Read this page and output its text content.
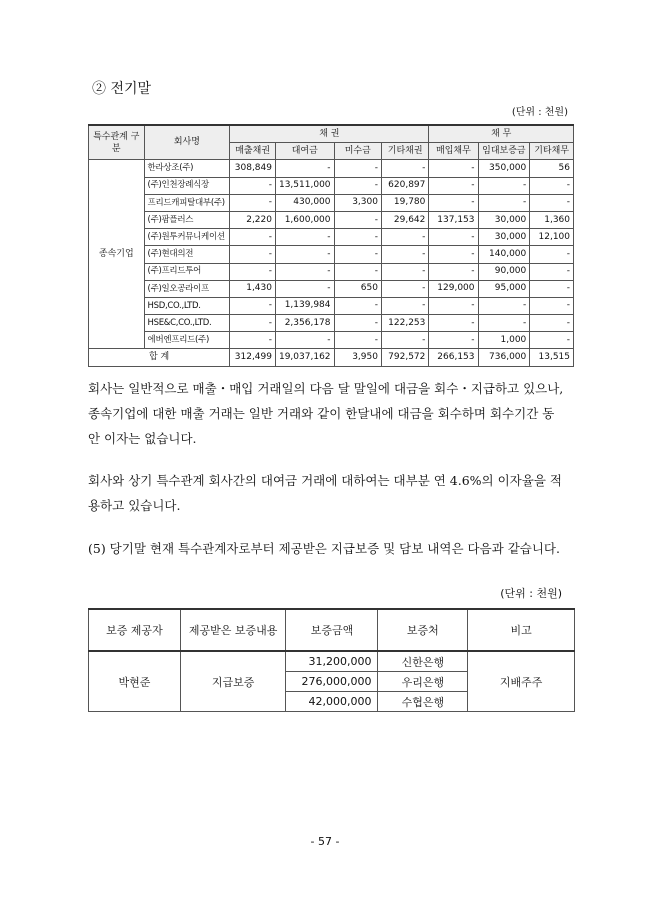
② 전기말
(단위 : 천원)
특수관계 구분	회사명	채 권				채 무		
		매출채권	대여금	미수금	기타채권	매입채무	임대보증금	기타채무
종속기업	한라상조(주)	308,849	-	-	-	-	350,000	56
	(주)인천장례식장	-	13,511,000	-	620,897	-	-	-
	프리드캐피탈대부(주)	-	430,000	3,300	19,780	-	-	-
	(주)팜플러스	2,220	1,600,000	-	29,642	137,153	30,000	1,360
	(주)원투커뮤니케이션	-	-	-	-	-	30,000	12,100
	(주)현대의전	-	-	-	-	-	140,000	-
	(주)프리드투어	-	-	-	-	-	90,000	-
	(주)일오공라이프	1,430	-	650	-	129,000	95,000	-
	HSD,CO.,LTD.	-	1,139,984	-	-	-	-	-
	HSE&C,CO.,LTD.	-	2,356,178	-	122,253	-	-	-
	에버엔프리드(주)	-	-	-	-	-	1,000	-
합 계		312,499	19,037,162	3,950	792,572	266,153	736,000	13,515
회사는 일반적으로 매출・매입 거래일의 다음 달 말일에 대금을 회수・지급하고 있으나, 종속기업에 대한 매출 거래는 일반 거래와 같이 한달내에 대금을 회수하며 회수기간 동안 이자는 없습니다.
회사와 상기 특수관계 회사간의 대여금 거래에 대하여는 대부분 연 4.6%의 이자율을 적용하고 있습니다.
(5) 당기말 현재 특수관계자로부터 제공받은 지급보증 및 담보 내역은 다음과 같습니다.
(단위 : 천원)
보증 제공자	제공받은 보증내용	보증금액	보증처	비고
박현준	지급보증	31,200,000	신한은행	지배주주
		276,000,000	우리은행	
		42,000,000	수협은행	
- 57 -
